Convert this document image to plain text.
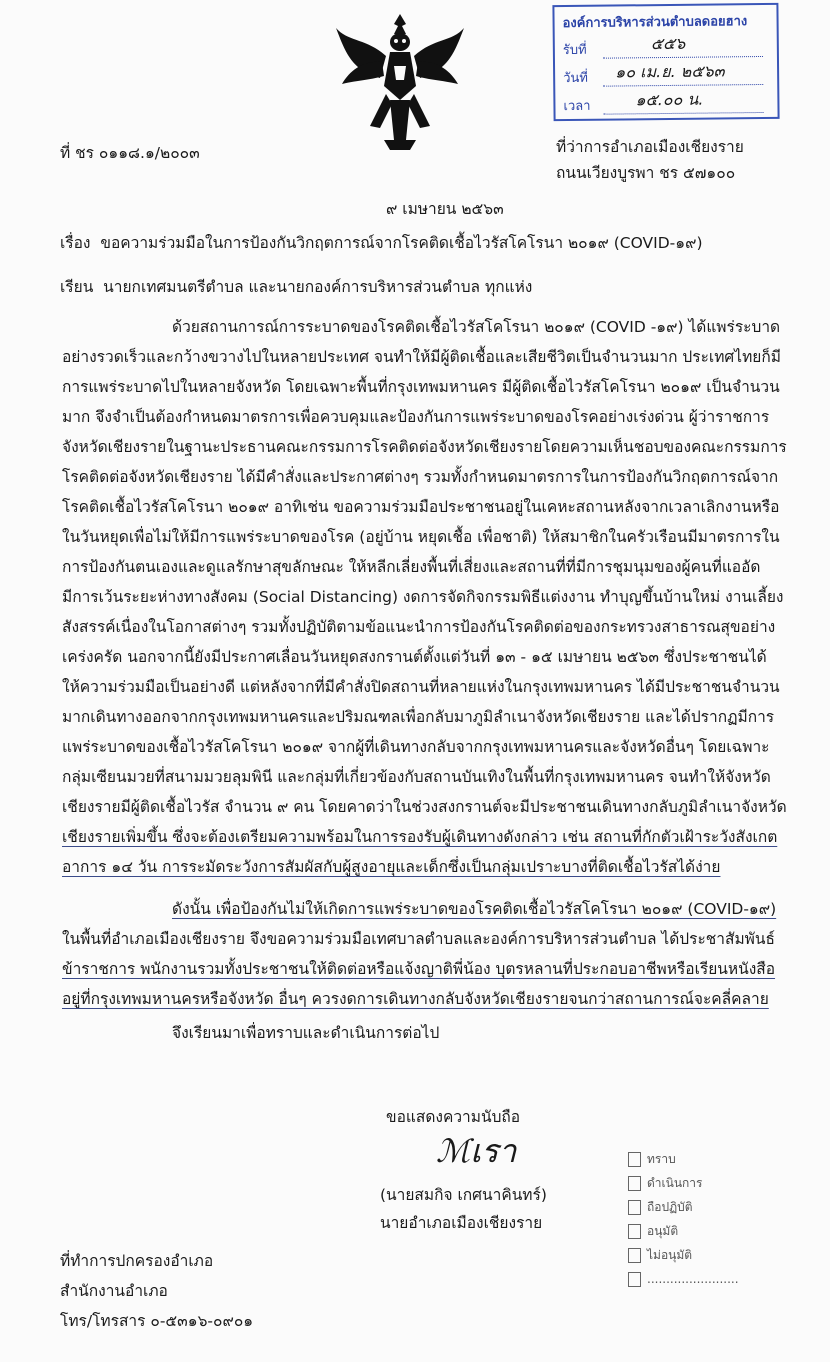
องค์การบริหารส่วนตำบลดอยฮาง
รับที่	๕๕๖
วันที่ ๑๐ เม.ย. ๒๕๖๓
เวลา	๑๕.๐๐ น.
ที่ ชร ๐๑๑๘.๑/๒๐๐๓	ที่ว่าการอำเภอเมืองเชียงราย
ถนนเวียงบูรพา ชร ๕๗๑๐๐
๙ เมษายน ๒๕๖๓
เรื่อง ขอความร่วมมือในการป้องกันวิกฤตการณ์จากโรคติดเชื้อไวรัสโคโรนา ๒๐๑๙ (COVID-๑๙)
เรียน นายกเทศมนตรีตำบล และนายกองค์การบริหารส่วนตำบล ทุกแห่ง
ด้วยสถานการณ์การระบาดของโรคติดเชื้อไวรัสโคโรนา ๒๐๑๙ (COVID -๑๙) ได้แพร่ระบาด
อย่างรวดเร็วและกว้างขวางไปในหลายประเทศ จนทำให้มีผู้ติดเชื้อและเสียชีวิตเป็นจำนวนมาก ประเทศไทยก็มี
การแพร่ระบาดไปในหลายจังหวัด โดยเฉพาะพื้นที่กรุงเทพมหานคร มีผู้ติดเชื้อไวรัสโคโรนา ๒๐๑๙ เป็นจำนวน
มาก จึงจำเป็นต้องกำหนดมาตรการเพื่อควบคุมและป้องกันการแพร่ระบาดของโรคอย่างเร่งด่วน ผู้ว่าราชการ
จังหวัดเชียงรายในฐานะประธานคณะกรรมการโรคติดต่อจังหวัดเชียงรายโดยความเห็นชอบของคณะกรรมการ
โรคติดต่อจังหวัดเชียงราย ได้มีคำสั่งและประกาศต่างๆ รวมทั้งกำหนดมาตรการในการป้องกันวิกฤตการณ์จาก
โรคติดเชื้อไวรัสโคโรนา ๒๐๑๙ อาทิเช่น ขอความร่วมมือประชาชนอยู่ในเคหะสถานหลังจากเวลาเลิกงานหรือ
ในวันหยุดเพื่อไม่ให้มีการแพร่ระบาดของโรค (อยู่บ้าน หยุดเชื้อ เพื่อชาติ) ให้สมาชิกในครัวเรือนมีมาตรการใน
การป้องกันตนเองและดูแลรักษาสุขลักษณะ ให้หลีกเลี่ยงพื้นที่เสี่ยงและสถานที่ที่มีการชุมนุมของผู้คนที่แออัด
มีการเว้นระยะห่างทางสังคม (Social Distancing) งดการจัดกิจกรรมพิธีแต่งงาน ทำบุญขึ้นบ้านใหม่ งานเลี้ยง
สังสรรค์เนื่องในโอกาสต่างๆ รวมทั้งปฏิบัติตามข้อแนะนำการป้องกันโรคติดต่อของกระทรวงสาธารณสุขอย่าง
เคร่งครัด นอกจากนี้ยังมีประกาศเลื่อนวันหยุดสงกรานต์ตั้งแต่วันที่ ๑๓ - ๑๕ เมษายน ๒๕๖๓ ซึ่งประชาชนได้
ให้ความร่วมมือเป็นอย่างดี แต่หลังจากที่มีคำสั่งปิดสถานที่หลายแห่งในกรุงเทพมหานคร ได้มีประชาชนจำนวน
มากเดินทางออกจากกรุงเทพมหานครและปริมณฑลเพื่อกลับมาภูมิลำเนาจังหวัดเชียงราย และได้ปรากฏมีการ
แพร่ระบาดของเชื้อไวรัสโคโรนา ๒๐๑๙ จากผู้ที่เดินทางกลับจากกรุงเทพมหานครและจังหวัดอื่นๆ โดยเฉพาะ
กลุ่มเซียนมวยที่สนามมวยลุมพินี และกลุ่มที่เกี่ยวข้องกับสถานบันเทิงในพื้นที่กรุงเทพมหานคร จนทำให้จังหวัด
เชียงรายมีผู้ติดเชื้อไวรัส จำนวน ๙ คน โดยคาดว่าในช่วงสงกรานต์จะมีประชาชนเดินทางกลับภูมิลำเนาจังหวัด
เชียงรายเพิ่มขึ้น ซึ่งจะต้องเตรียมความพร้อมในการรองรับผู้เดินทางดังกล่าว เช่น สถานที่กักตัวเฝ้าระวังสังเกต
อาการ ๑๔ วัน การระมัดระวังการสัมผัสกับผู้สูงอายุและเด็กซึ่งเป็นกลุ่มเปราะบางที่ติดเชื้อไวรัสได้ง่าย
ดังนั้น เพื่อป้องกันไม่ให้เกิดการแพร่ระบาดของโรคติดเชื้อไวรัสโคโรนา ๒๐๑๙ (COVID-๑๙)
ในพื้นที่อำเภอเมืองเชียงราย จึงขอความร่วมมือเทศบาลตำบลและองค์การบริหารส่วนตำบล ได้ประชาสัมพันธ์
ข้าราชการ พนักงานรวมทั้งประชาชนให้ติดต่อหรือแจ้งญาติพี่น้อง บุตรหลานที่ประกอบอาชีพหรือเรียนหนังสือ
อยู่ที่กรุงเทพมหานครหรือจังหวัด อื่นๆ ควรงดการเดินทางกลับจังหวัดเชียงรายจนกว่าสถานการณ์จะคลี่คลาย
จึงเรียนมาเพื่อทราบและดำเนินการต่อไป
ขอแสดงความนับถือ
ℳเรา
(นายสมกิจ เกศนาคินทร์)
นายอำเภอเมืองเชียงราย
ทราบ
ดำเนินการ
ถือปฏิบัติ
อนุมัติ
ไม่อนุมัติ
........................
ที่ทำการปกครองอำเภอ
สำนักงานอำเภอ
โทร/โทรสาร ๐-๕๓๑๖-๐๙๐๑
